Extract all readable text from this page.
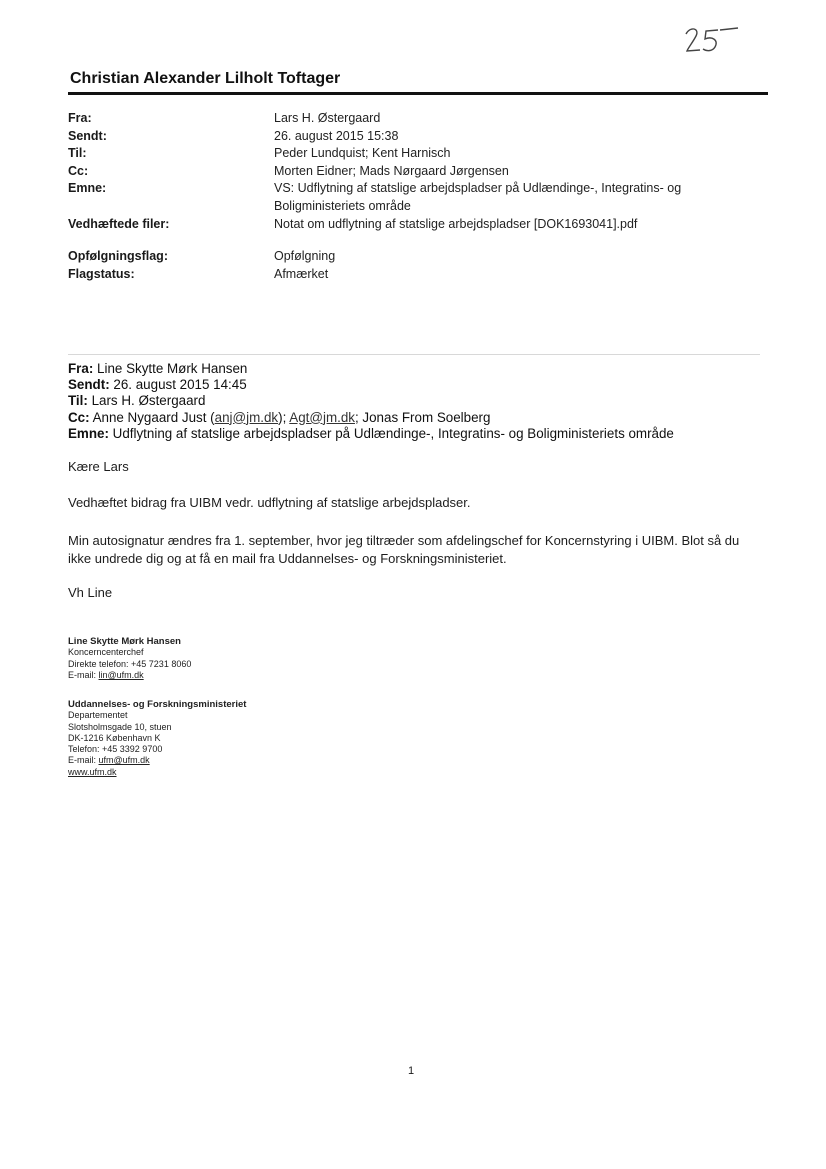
Christian Alexander Lilholt Toftager
Fra:	Lars H. Østergaard
Sendt:	26. august 2015 15:38
Til:	Peder Lundquist; Kent Harnisch
Cc:	Morten Eidner; Mads Nørgaard Jørgensen
Emne:	VS: Udflytning af statslige arbejdspladser på Udlændinge-, Integratins- og
Boligministeriets område
Vedhæftede filer:	Notat om udflytning af statslige arbejdspladser [DOK1693041].pdf
Opfølgningsflag:	Opfølgning
Flagstatus:	Afmærket
Fra: Line Skytte Mørk Hansen
Sendt: 26. august 2015 14:45
Til: Lars H. Østergaard
Cc: Anne Nygaard Just (anj@jm.dk); Agt@jm.dk; Jonas From Soelberg
Emne: Udflytning af statslige arbejdspladser på Udlændinge-, Integratins- og Boligministeriets område

Kære Lars

Vedhæftet bidrag fra UIBM vedr. udflytning af statslige arbejdspladser.

Min autosignatur ændres fra 1. september, hvor jeg tiltræder som afdelingschef for Koncernstyring i UIBM. Blot så du ikke undrede dig og at få en mail fra Uddannelses- og Forskningsministeriet.

Vh Line

Line Skytte Mørk Hansen
Koncerncenterchef
Direkte telefon: +45 7231 8060
E-mail: lin@ufm.dk
Uddannelses- og Forskningsministeriet
Departementet
Slotsholmsgade 10, stuen
DK-1216 København K
Telefon: +45 3392 9700
E-mail: ufm@ufm.dk
www.ufm.dk
1
